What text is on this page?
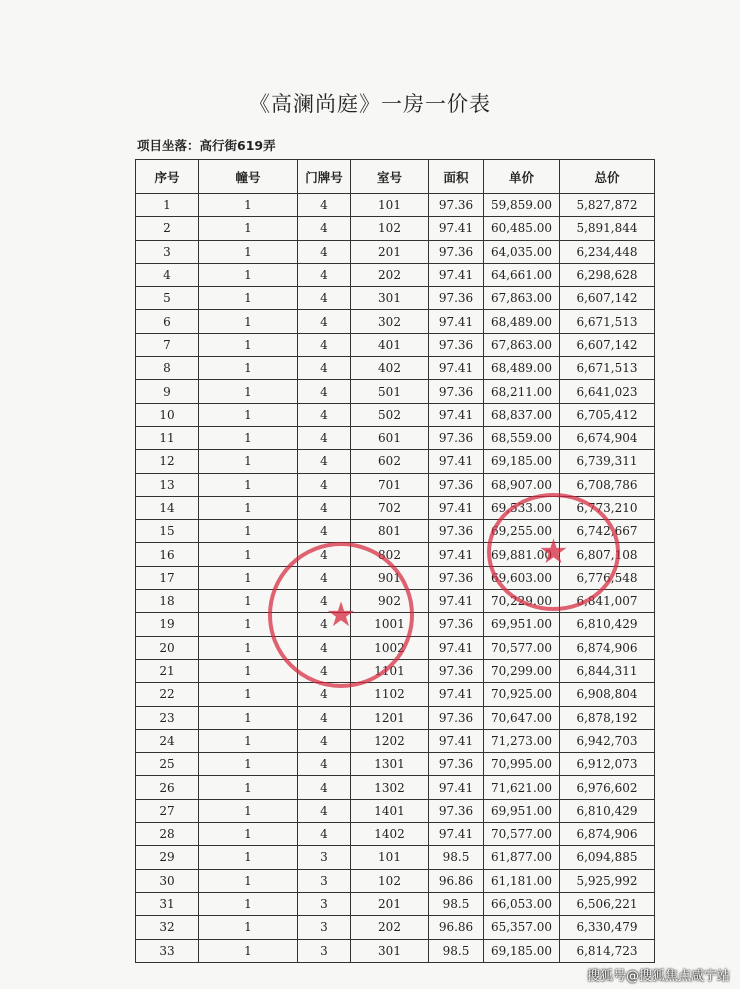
《高澜尚庭》一房一价表
项目坐落：高行街619弄
序号	幢号	门牌号	室号	面积	单价	总价
1	1	4	101	97.36	59,859.00	5,827,872
2	1	4	102	97.41	60,485.00	5,891,844
3	1	4	201	97.36	64,035.00	6,234,448
4	1	4	202	97.41	64,661.00	6,298,628
5	1	4	301	97.36	67,863.00	6,607,142
6	1	4	302	97.41	68,489.00	6,671,513
7	1	4	401	97.36	67,863.00	6,607,142
8	1	4	402	97.41	68,489.00	6,671,513
9	1	4	501	97.36	68,211.00	6,641,023
10	1	4	502	97.41	68,837.00	6,705,412
11	1	4	601	97.36	68,559.00	6,674,904
12	1	4	602	97.41	69,185.00	6,739,311
13	1	4	701	97.36	68,907.00	6,708,786
14	1	4	702	97.41	69,533.00	6,773,210
15	1	4	801	97.36	69,255.00	6,742,667
16	1	4	802	97.41	69,881.00	6,807,108
17	1	4	901	97.36	69,603.00	6,776,548
18	1	4	902	97.41	70,229.00	6,841,007
19	1	4	1001	97.36	69,951.00	6,810,429
20	1	4	1002	97.41	70,577.00	6,874,906
21	1	4	1101	97.36	70,299.00	6,844,311
22	1	4	1102	97.41	70,925.00	6,908,804
23	1	4	1201	97.36	70,647.00	6,878,192
24	1	4	1202	97.41	71,273.00	6,942,703
25	1	4	1301	97.36	70,995.00	6,912,073
26	1	4	1302	97.41	71,621.00	6,976,602
27	1	4	1401	97.36	69,951.00	6,810,429
28	1	4	1402	97.41	70,577.00	6,874,906
29	1	3	101	98.5	61,877.00	6,094,885
30	1	3	102	96.86	61,181.00	5,925,992
31	1	3	201	98.5	66,053.00	6,506,221
32	1	3	202	96.86	65,357.00	6,330,479
33	1	3	301	98.5	69,185.00	6,814,723
★
★
搜狐号@搜狐焦点咸宁站
